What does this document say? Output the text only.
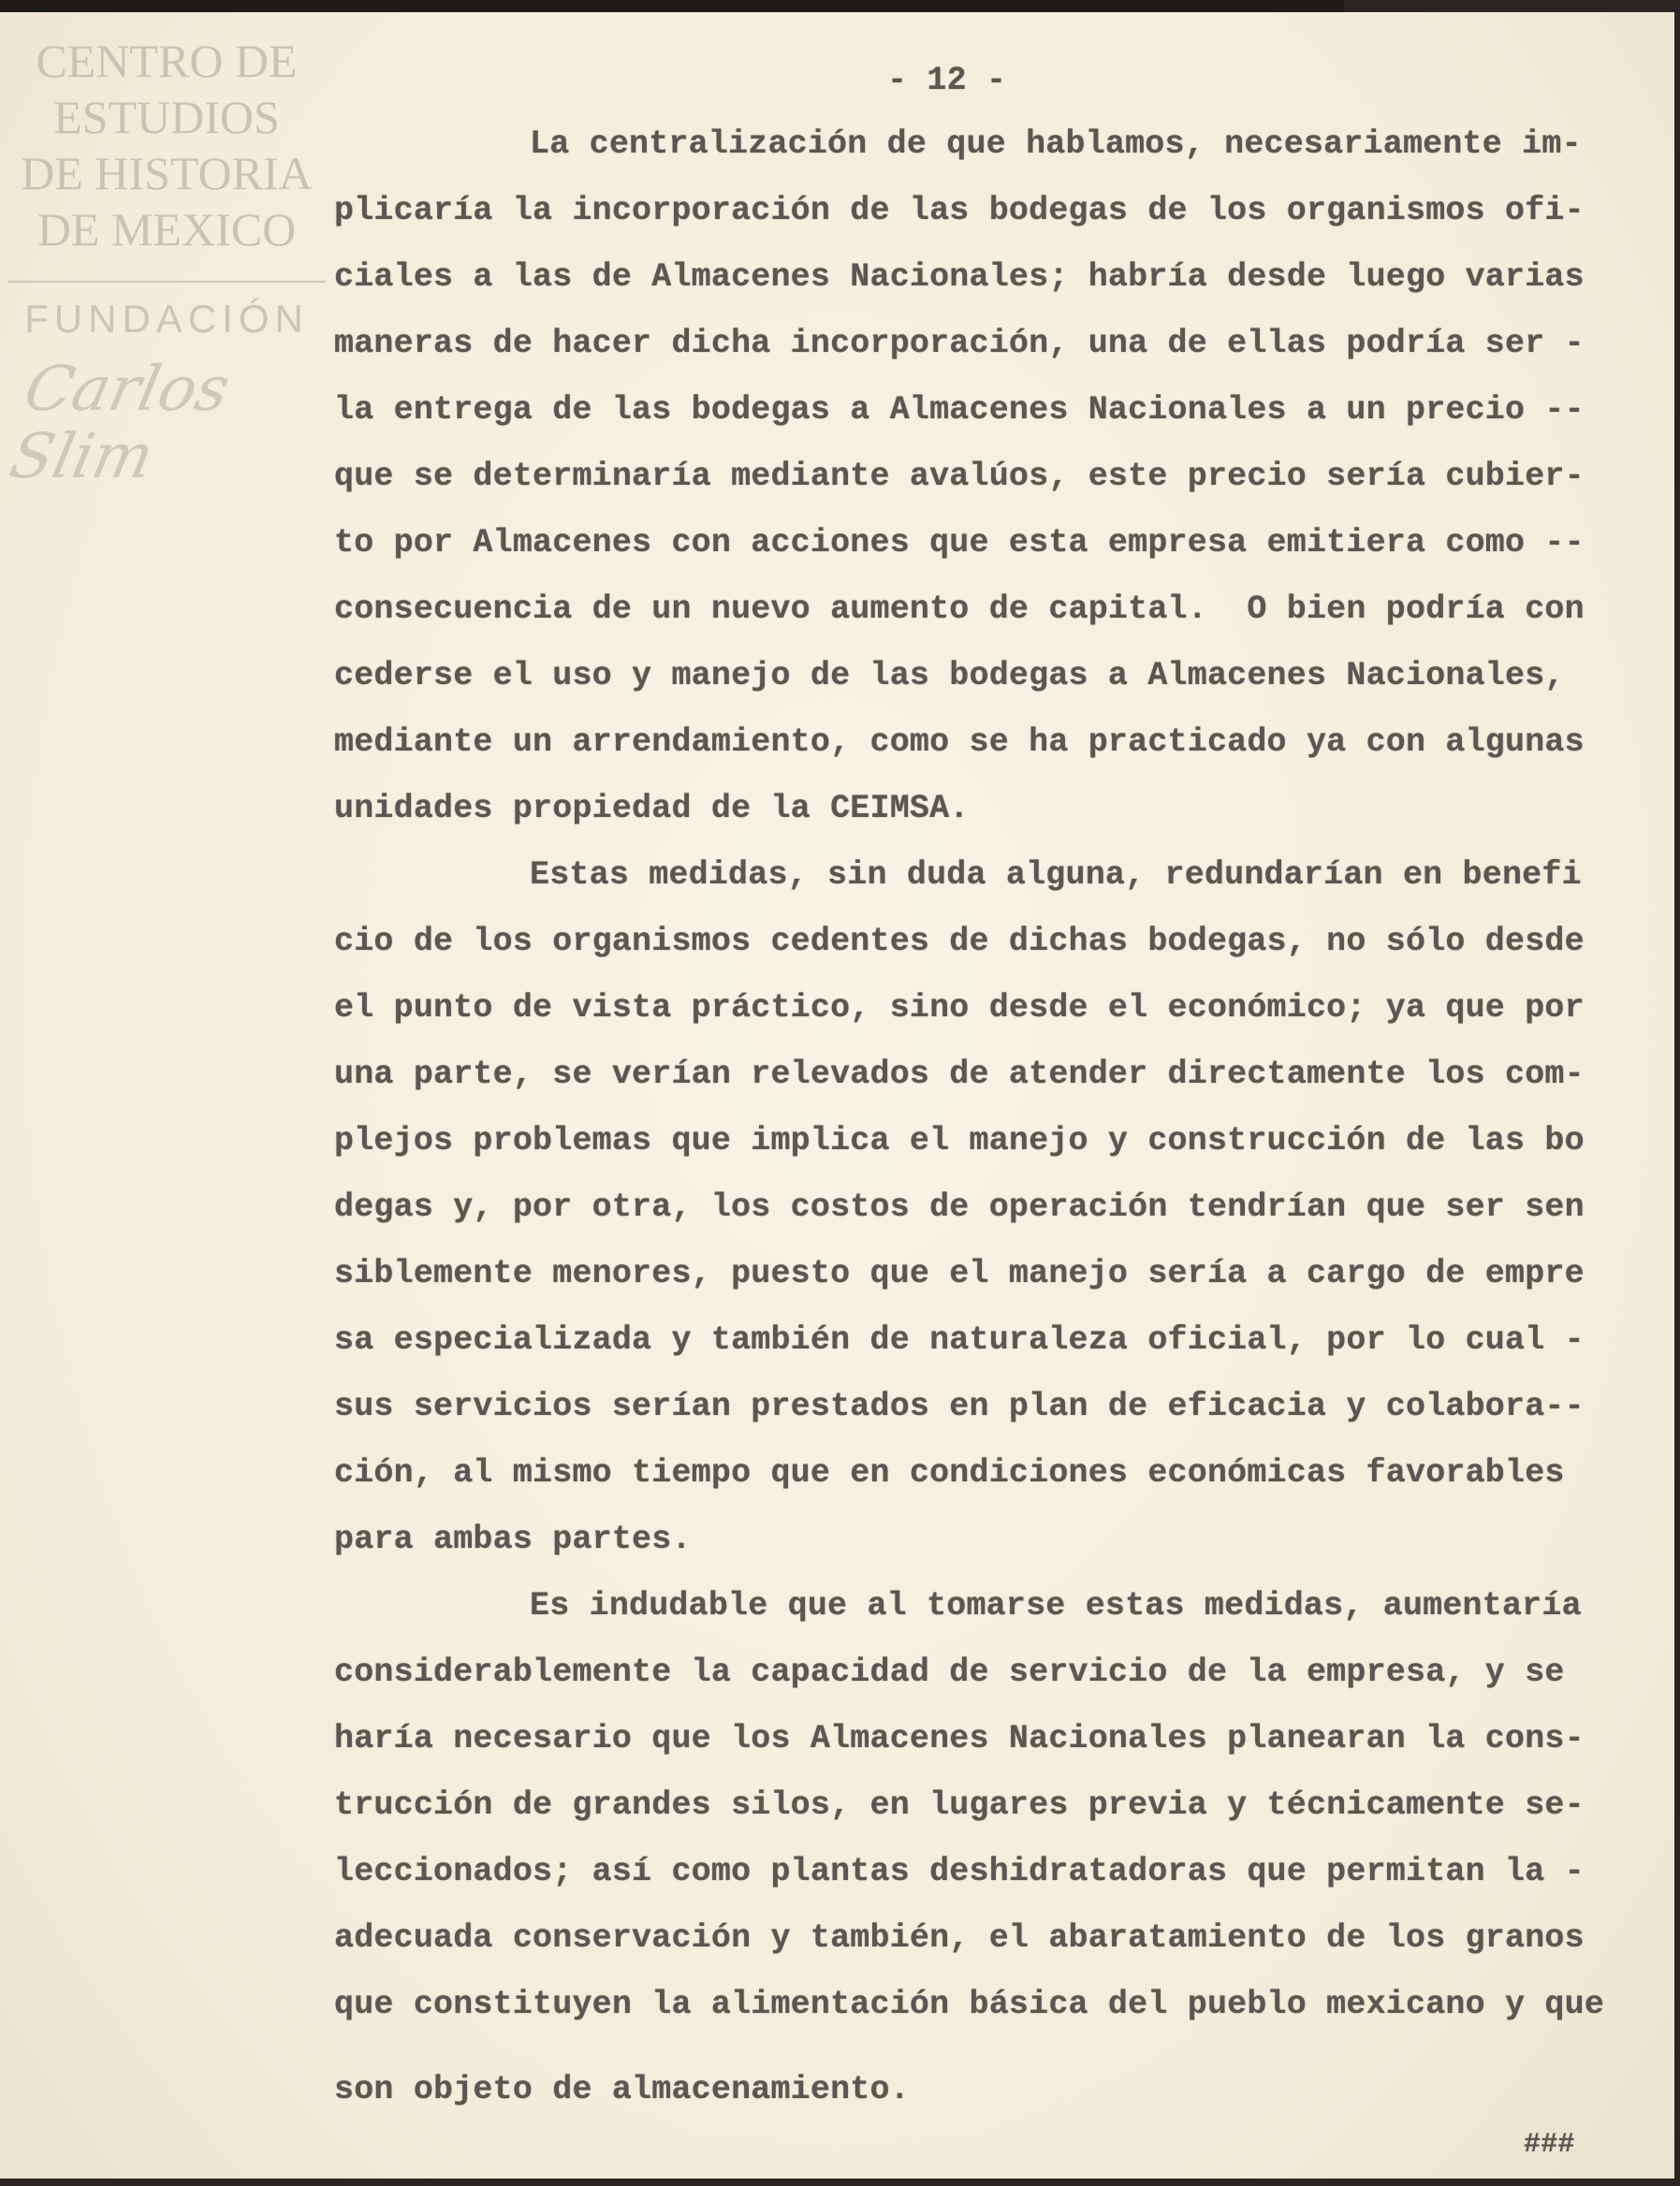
CENTRO DE
ESTUDIOS
DE HISTORIA
DE MEXICO
FUNDACIÓN
Carlos Slim
- 12 -
La centralización de que hablamos, necesariamente im-
plicaría la incorporación de las bodegas de los organismos ofi-
ciales a las de Almacenes Nacionales; habría desde luego varias
maneras de hacer dicha incorporación, una de ellas podría ser -
la entrega de las bodegas a Almacenes Nacionales a un precio --
que se determinaría mediante avalúos, este precio sería cubier-
to por Almacenes con acciones que esta empresa emitiera como --
consecuencia de un nuevo aumento de capital.  O bien podría con
cederse el uso y manejo de las bodegas a Almacenes Nacionales,
mediante un arrendamiento, como se ha practicado ya con algunas
unidades propiedad de la CEIMSA.
Estas medidas, sin duda alguna, redundarían en benefi
cio de los organismos cedentes de dichas bodegas, no sólo desde
el punto de vista práctico, sino desde el económico; ya que por
una parte, se verían relevados de atender directamente los com-
plejos problemas que implica el manejo y construcción de las bo
degas y, por otra, los costos de operación tendrían que ser sen
siblemente menores, puesto que el manejo sería a cargo de empre
sa especializada y también de naturaleza oficial, por lo cual -
sus servicios serían prestados en plan de eficacia y colabora--
ción, al mismo tiempo que en condiciones económicas favorables
para ambas partes.
Es indudable que al tomarse estas medidas, aumentaría
considerablemente la capacidad de servicio de la empresa, y se
haría necesario que los Almacenes Nacionales planearan la cons-
trucción de grandes silos, en lugares previa y técnicamente se-
leccionados; así como plantas deshidratadoras que permitan la -
adecuada conservación y también, el abaratamiento de los granos
que constituyen la alimentación básica del pueblo mexicano y que
son objeto de almacenamiento.
###
